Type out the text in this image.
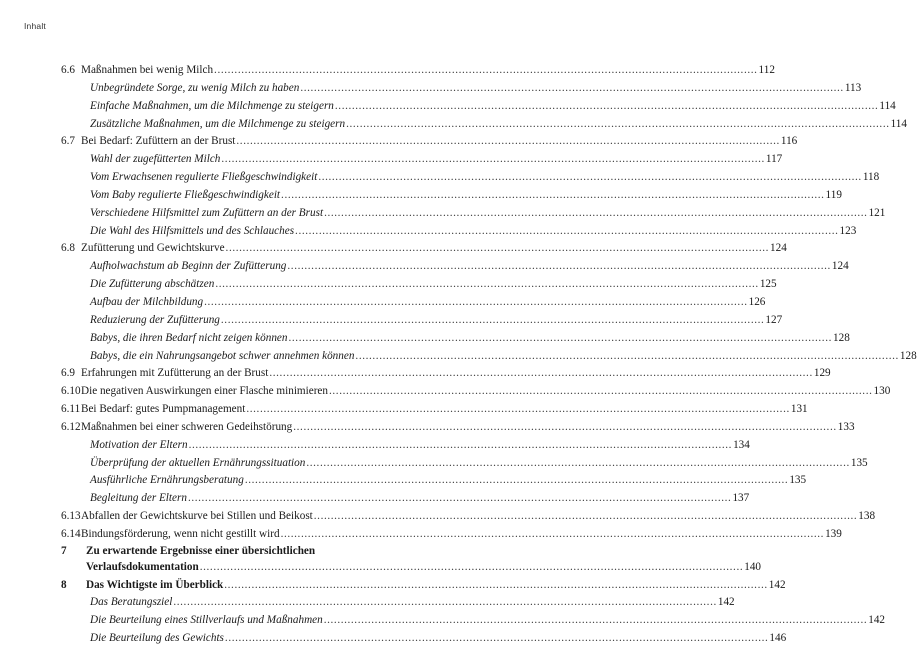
Inhalt
6.6 Maßnahmen bei wenig Milch .....	112
Unbegründete Sorge, zu wenig Milch zu haben .....	113
Einfache Maßnahmen, um die Milchmenge zu steigern .....	114
Zusätzliche Maßnahmen, um die Milchmenge zu steigern .....	114
6.7 Bei Bedarf: Zufüttern an der Brust .....	116
Wahl der zugefütterten Milch .....	117
Vom Erwachsenen regulierte Fließgeschwindigkeit .....	118
Vom Baby regulierte Fließgeschwindigkeit .....	119
Verschiedene Hilfsmittel zum Zufüttern an der Brust .....	121
Die Wahl des Hilfsmittels und des Schlauches .....	123
6.8 Zufütterung und Gewichtskurve .....	124
Aufholwachstum ab Beginn der Zufütterung .....	124
Die Zufütterung abschätzen .....	125
Aufbau der Milchbildung .....	126
Reduzierung der Zufütterung .....	127
Babys, die ihren Bedarf nicht zeigen können .....	128
Babys, die ein Nahrungsangebot schwer annehmen können .....	128
6.9 Erfahrungen mit Zufütterung an der Brust .....	129
6.10 Die negativen Auswirkungen einer Flasche minimieren .....	130
6.11 Bei Bedarf: gutes Pumpmanagement .....	131
6.12 Maßnahmen bei einer schweren Gedeihstörung .....	133
Motivation der Eltern .....	134
Überprüfung der aktuellen Ernährungssituation .....	135
Ausführliche Ernährungsberatung .....	135
Begleitung der Eltern .....	137
6.13 Abfallen der Gewichtskurve bei Stillen und Beikost .....	138
6.14 Bindungsförderung, wenn nicht gestillt wird .....	139
7	Zu erwartende Ergebnisse einer übersichtlichen
Verlaufsdokumentation .....	140
8	Das Wichtigste im Überblick .....	142
Das Beratungsziel .....	142
Die Beurteilung eines Stillverlaufs und Maßnahmen .....	142
Die Beurteilung des Gewichts .....	146
